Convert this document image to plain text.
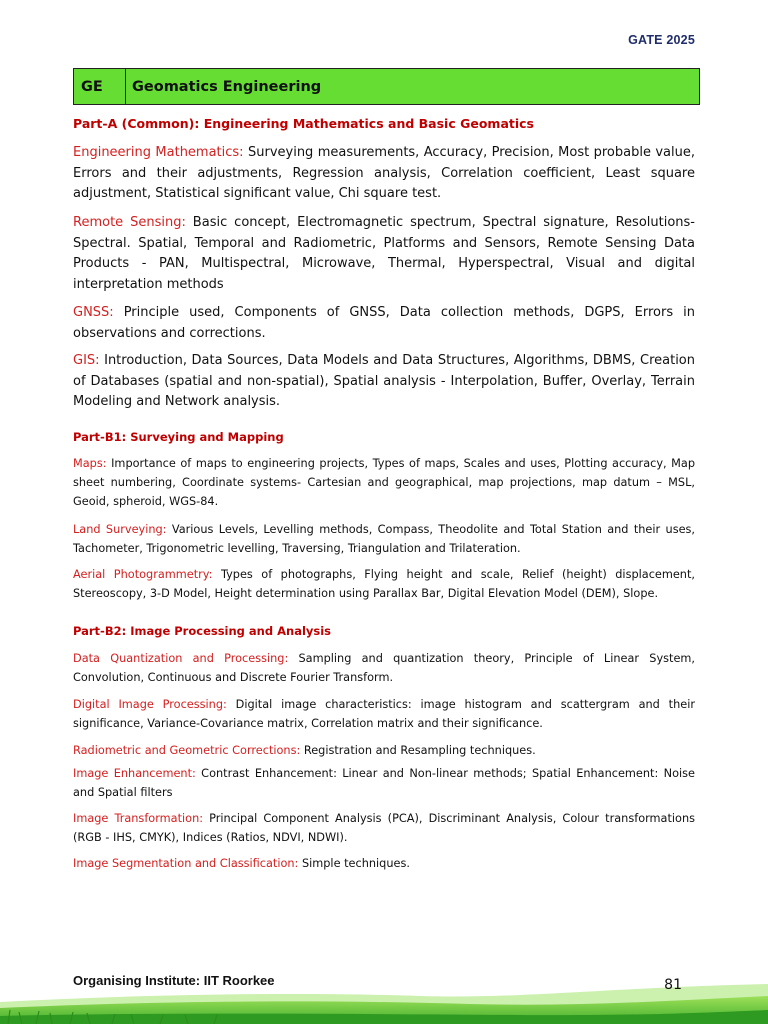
GATE 2025
GE	Geomatics Engineering
Part-A (Common): Engineering Mathematics and Basic Geomatics

Engineering Mathematics: Surveying measurements, Accuracy, Precision, Most probable value, Errors and their adjustments, Regression analysis, Correlation coefficient, Least square adjustment, Statistical significant value, Chi square test.

Remote Sensing: Basic concept, Electromagnetic spectrum, Spectral signature, Resolutions- Spectral. Spatial, Temporal and Radiometric, Platforms and Sensors, Remote Sensing Data Products - PAN, Multispectral, Microwave, Thermal, Hyperspectral, Visual and digital interpretation methods

GNSS: Principle used, Components of GNSS, Data collection methods, DGPS, Errors in observations and corrections.

GIS: Introduction, Data Sources, Data Models and Data Structures, Algorithms, DBMS, Creation of Databases (spatial and non-spatial), Spatial analysis - Interpolation, Buffer, Overlay, Terrain Modeling and Network analysis.

Part-B1: Surveying and Mapping

Maps: Importance of maps to engineering projects, Types of maps, Scales and uses, Plotting accuracy, Map sheet numbering, Coordinate systems- Cartesian and geographical, map projections, map datum – MSL, Geoid, spheroid, WGS-84.

Land Surveying: Various Levels, Levelling methods, Compass, Theodolite and Total Station and their uses, Tachometer, Trigonometric levelling, Traversing, Triangulation and Trilateration.

Aerial Photogrammetry: Types of photographs, Flying height and scale, Relief (height) displacement, Stereoscopy, 3-D Model, Height determination using Parallax Bar, Digital Elevation Model (DEM), Slope.

Part-B2: Image Processing and Analysis

Data Quantization and Processing: Sampling and quantization theory, Principle of Linear System, Convolution, Continuous and Discrete Fourier Transform.

Digital Image Processing: Digital image characteristics: image histogram and scattergram and their significance, Variance-Covariance matrix, Correlation matrix and their significance.

Radiometric and Geometric Corrections: Registration and Resampling techniques.

Image Enhancement: Contrast Enhancement: Linear and Non-linear methods; Spatial Enhancement: Noise and Spatial filters

Image Transformation: Principal Component Analysis (PCA), Discriminant Analysis, Colour transformations (RGB - IHS, CMYK), Indices (Ratios, NDVI, NDWI).

Image Segmentation and Classification: Simple techniques.

Organising Institute: IIT Roorkee	81
